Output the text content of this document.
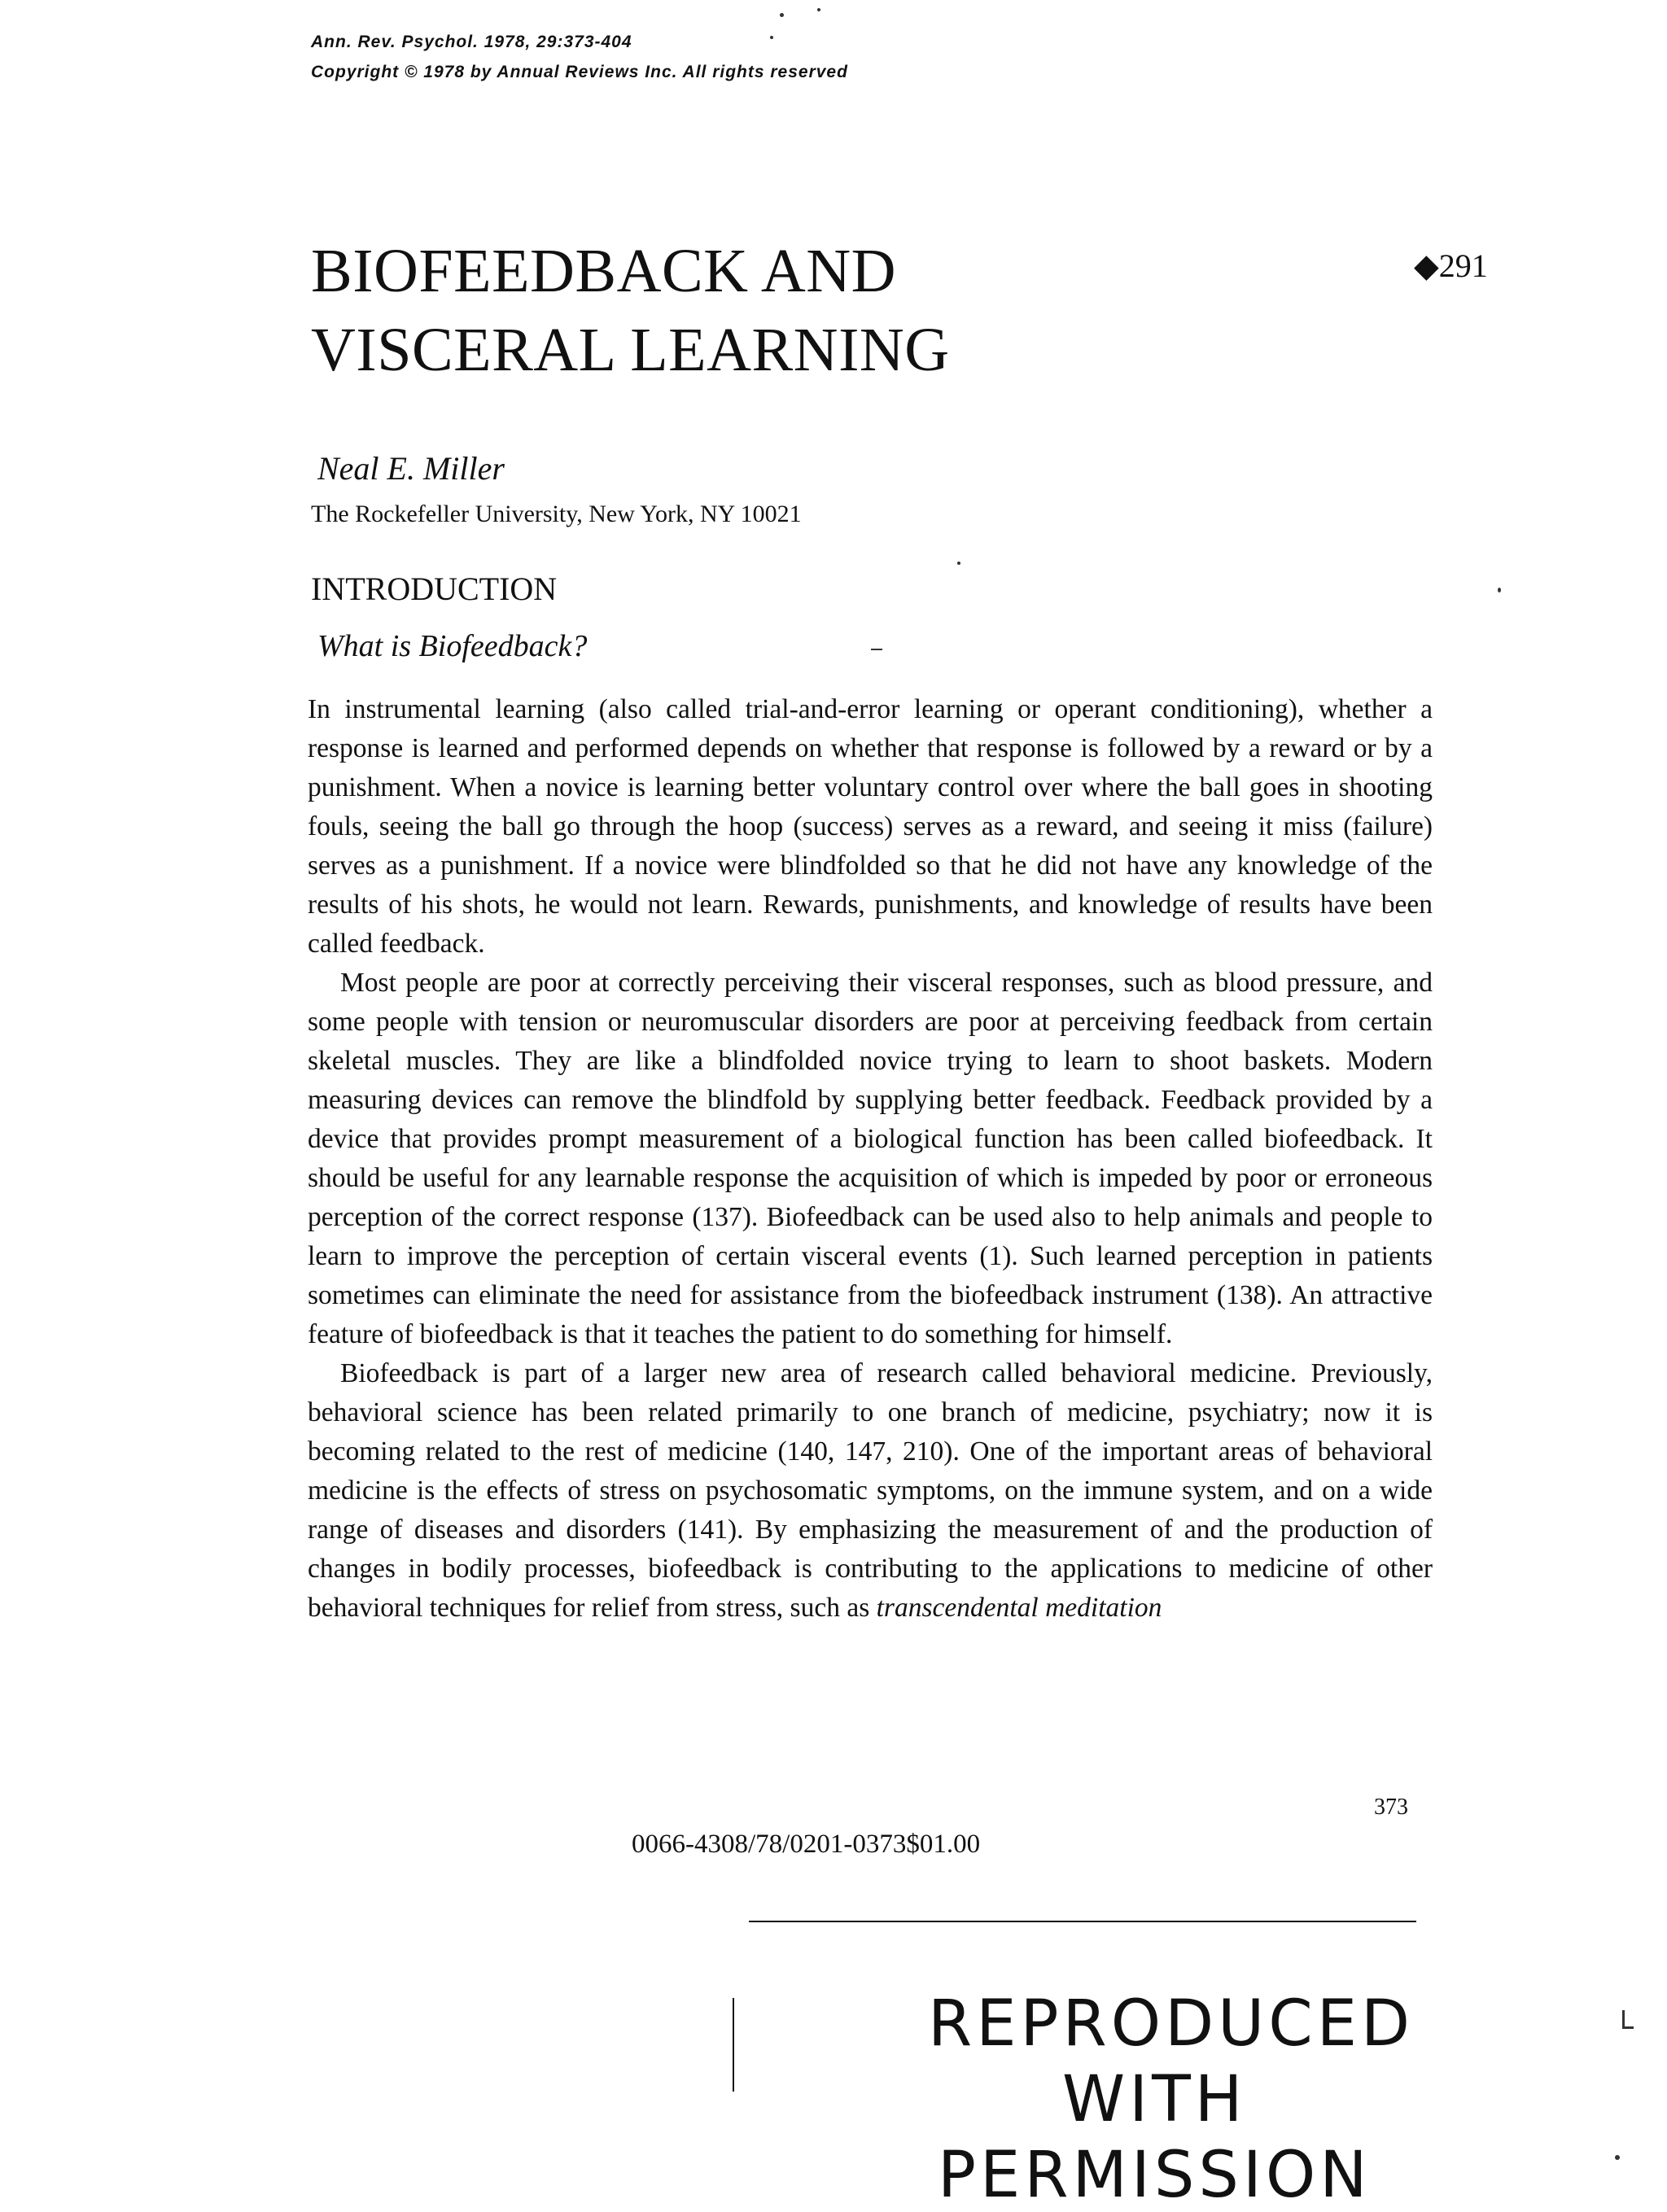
Ann. Rev. Psychol. 1978, 29:373-404
Copyright © 1978 by Annual Reviews Inc. All rights reserved
BIOFEEDBACK AND
VISCERAL LEARNING
◆291
Neal E. Miller
The Rockefeller University, New York, NY 10021
INTRODUCTION
What is Biofeedback?

In instrumental learning (also called trial-and-error learning or operant conditioning), whether a response is learned and performed depends on whether that response is followed by a reward or by a punishment. When a novice is learning better voluntary control over where the ball goes in shooting fouls, seeing the ball go through the hoop (success) serves as a reward, and seeing it miss (failure) serves as a punishment. If a novice were blindfolded so that he did not have any knowledge of the results of his shots, he would not learn. Rewards, punishments, and knowledge of results have been called feedback.

Most people are poor at correctly perceiving their visceral responses, such as blood pressure, and some people with tension or neuromuscular disorders are poor at perceiving feedback from certain skeletal muscles. They are like a blindfolded novice trying to learn to shoot baskets. Modern measuring devices can remove the blindfold by supplying better feedback. Feedback provided by a device that provides prompt measurement of a biological function has been called biofeedback. It should be useful for any learnable response the acquisition of which is impeded by poor or erroneous perception of the correct response (137). Biofeedback can be used also to help animals and people to learn to improve the perception of certain visceral events (1). Such learned perception in patients sometimes can eliminate the need for assistance from the biofeedback instrument (138). An attractive feature of biofeedback is that it teaches the patient to do something for himself.

Biofeedback is part of a larger new area of research called behavioral medicine. Previously, behavioral science has been related primarily to one branch of medicine, psychiatry; now it is becoming related to the rest of medicine (140, 147, 210). One of the important areas of behavioral medicine is the effects of stress on psychosomatic symptoms, on the immune system, and on a wide range of diseases and disorders (141). By emphasizing the measurement of and the production of changes in bodily processes, biofeedback is contributing to the applications to medicine of other behavioral techniques for relief from stress, such as transcendental meditation

373
0066-4308/78/0201-0373$01.00
REPRODUCED
WITH
PERMISSION
